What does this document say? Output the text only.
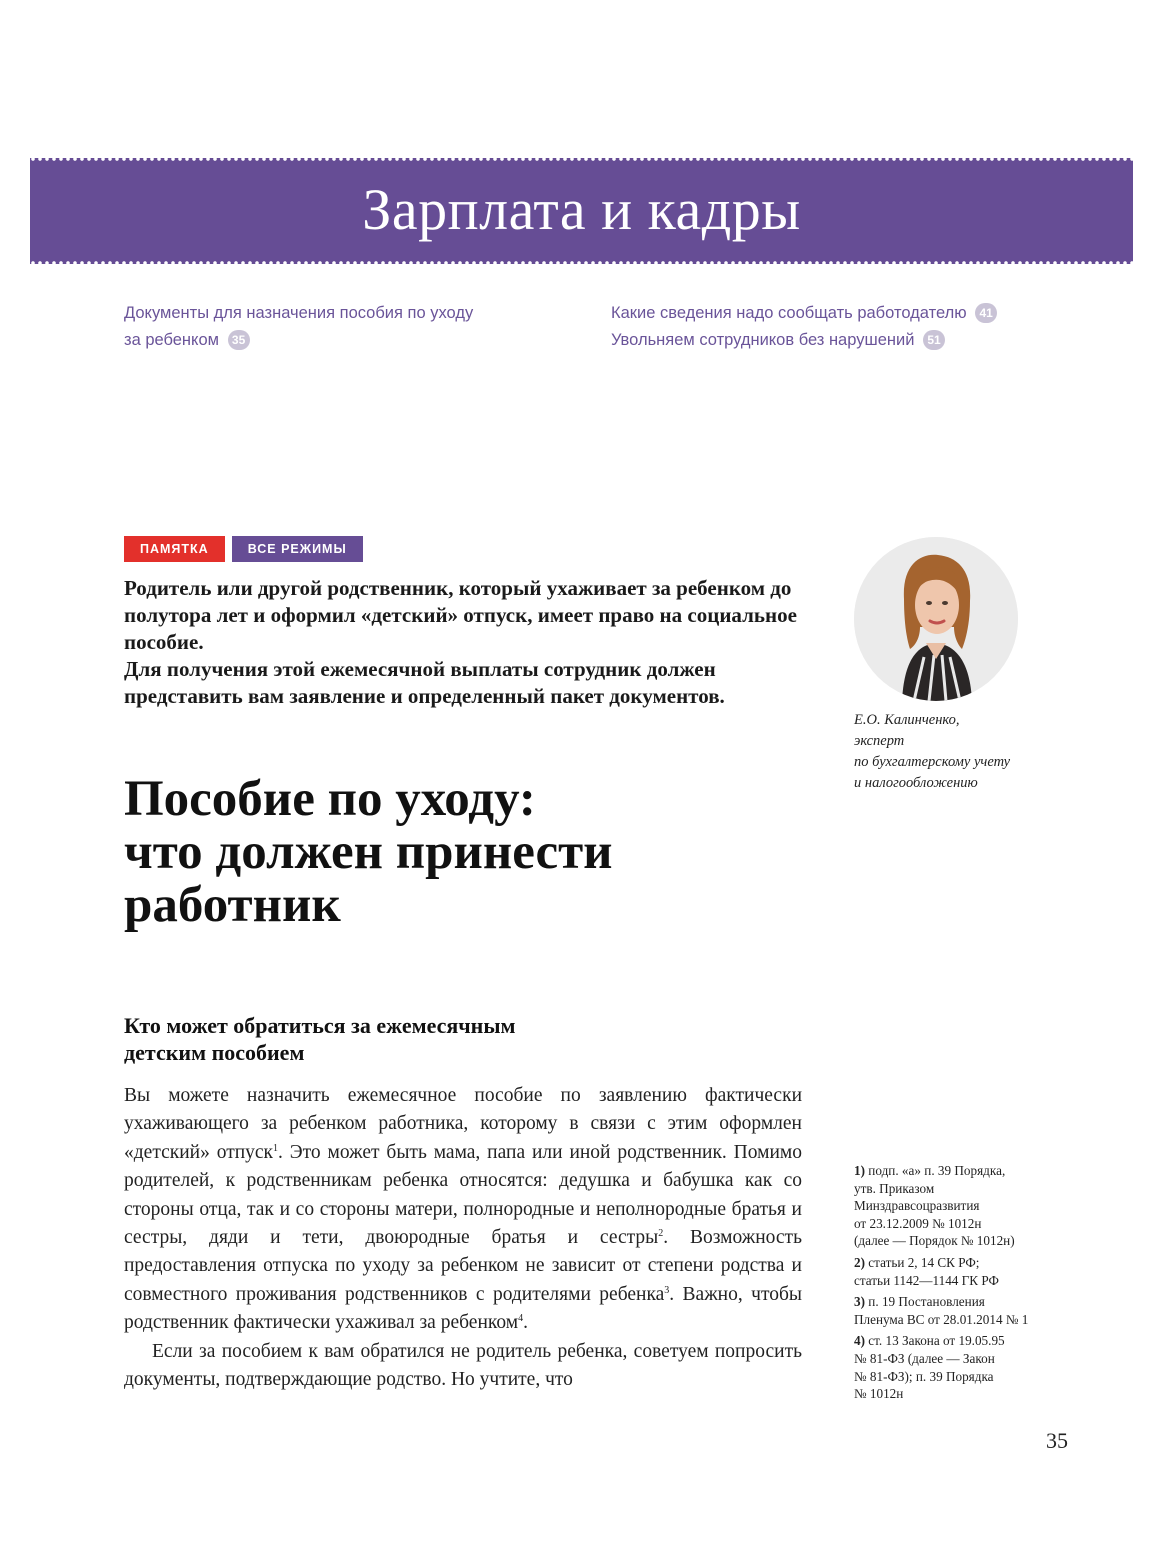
Зарплата и кадры
Документы для назначения пособия по уходу
за ребенком 35
Какие сведения надо сообщать работодателю 41
Увольняем сотрудников без нарушений 51
ПАМЯТКА	ВСЕ РЕЖИМЫ

Родитель или другой родственник, который ухаживает за ребенком до полутора лет и оформил «детский» отпуск, имеет право на социальное пособие.

Для получения этой ежемесячной выплаты сотрудник должен представить вам заявление и определенный пакет документов.

Пособие по уходу:
что должен принести
работник
Кто может обратиться за ежемесячным
детским пособием

Вы можете назначить ежемесячное пособие по заявлению фактически ухаживающего за ребенком работника, которому в связи с этим оформлен «детский» отпуск$^1$. Это может быть мама, папа или иной родственник. Помимо родителей, к родственникам ребенка относятся: дедушка и бабушка как со стороны отца, так и со стороны матери, полнородные и неполнородные братья и сестры, дяди и тети, двоюродные братья и сестры$^2$. Возможность предоставления отпуска по уходу за ребенком не зависит от степени родства и совместного проживания родственников с родителями ребенка$^3$. Важно, чтобы родственник фактически ухаживал за ребенком$^4$.

Если за пособием к вам обратился не родитель ребенка, советуем попросить документы, подтверждающие родство. Но учтите, что

Е.О. Калинченко,
эксперт
по бухгалтерскому учету
и налогообложению
1) подп. «а» п. 39 Порядка,
утв. Приказом
Минздравсоцразвития
от 23.12.2009 № 1012н
(далее — Порядок № 1012н)
2) статьи 2, 14 СК РФ;
статьи 1142—1144 ГК РФ
3) п. 19 Постановления
Пленума ВС от 28.01.2014 № 1
4) ст. 13 Закона от 19.05.95
№ 81-ФЗ (далее — Закон
№ 81-ФЗ); п. 39 Порядка
№ 1012н
35
